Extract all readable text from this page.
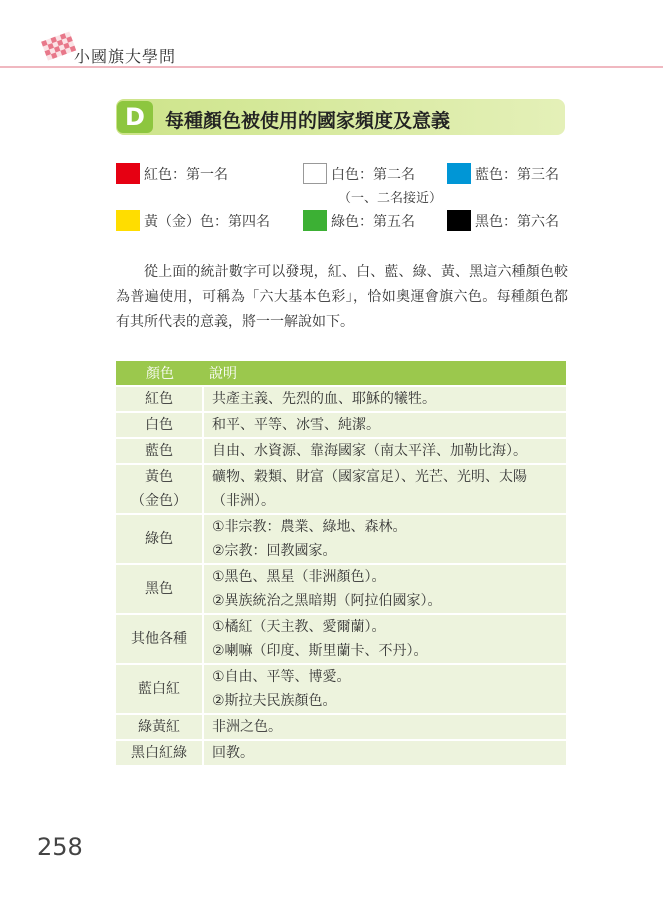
小國旗大學問
D	每種顏色被使用的國家頻度及意義
紅色：第一名	白色：第二名
（一、二名接近）
藍色：第三名
黃（金）色：第四名	綠色：第五名	黑色：第六名
從上面的統計數字可以發現，紅、白、藍、綠、黃、黑這六種顏色較為普遍使用，可稱為「六大基本色彩」，恰如奧運會旗六色。每種顏色都有其所代表的意義，將一一解說如下。
顏色	說明

紅色	共產主義、先烈的血、耶穌的犧牲。

白色	和平、平等、冰雪、純潔。

藍色	自由、水資源、靠海國家（南太平洋、加勒比海）。

黃色
（金色）	礦物、穀類、財富（國家富足）、光芒、光明、太陽
（非洲）。

綠色	①非宗教：農業、綠地、森林。
②宗教：回教國家。

黑色	①黑色、黑星（非洲顏色）。
②異族統治之黑暗期（阿拉伯國家）。

其他各種	①橘紅（天主教、愛爾蘭）。
②喇嘛（印度、斯里蘭卡、不丹）。

藍白紅	①自由、平等、博愛。
②斯拉夫民族顏色。

綠黃紅	非洲之色。

黑白紅綠	回教。
258
